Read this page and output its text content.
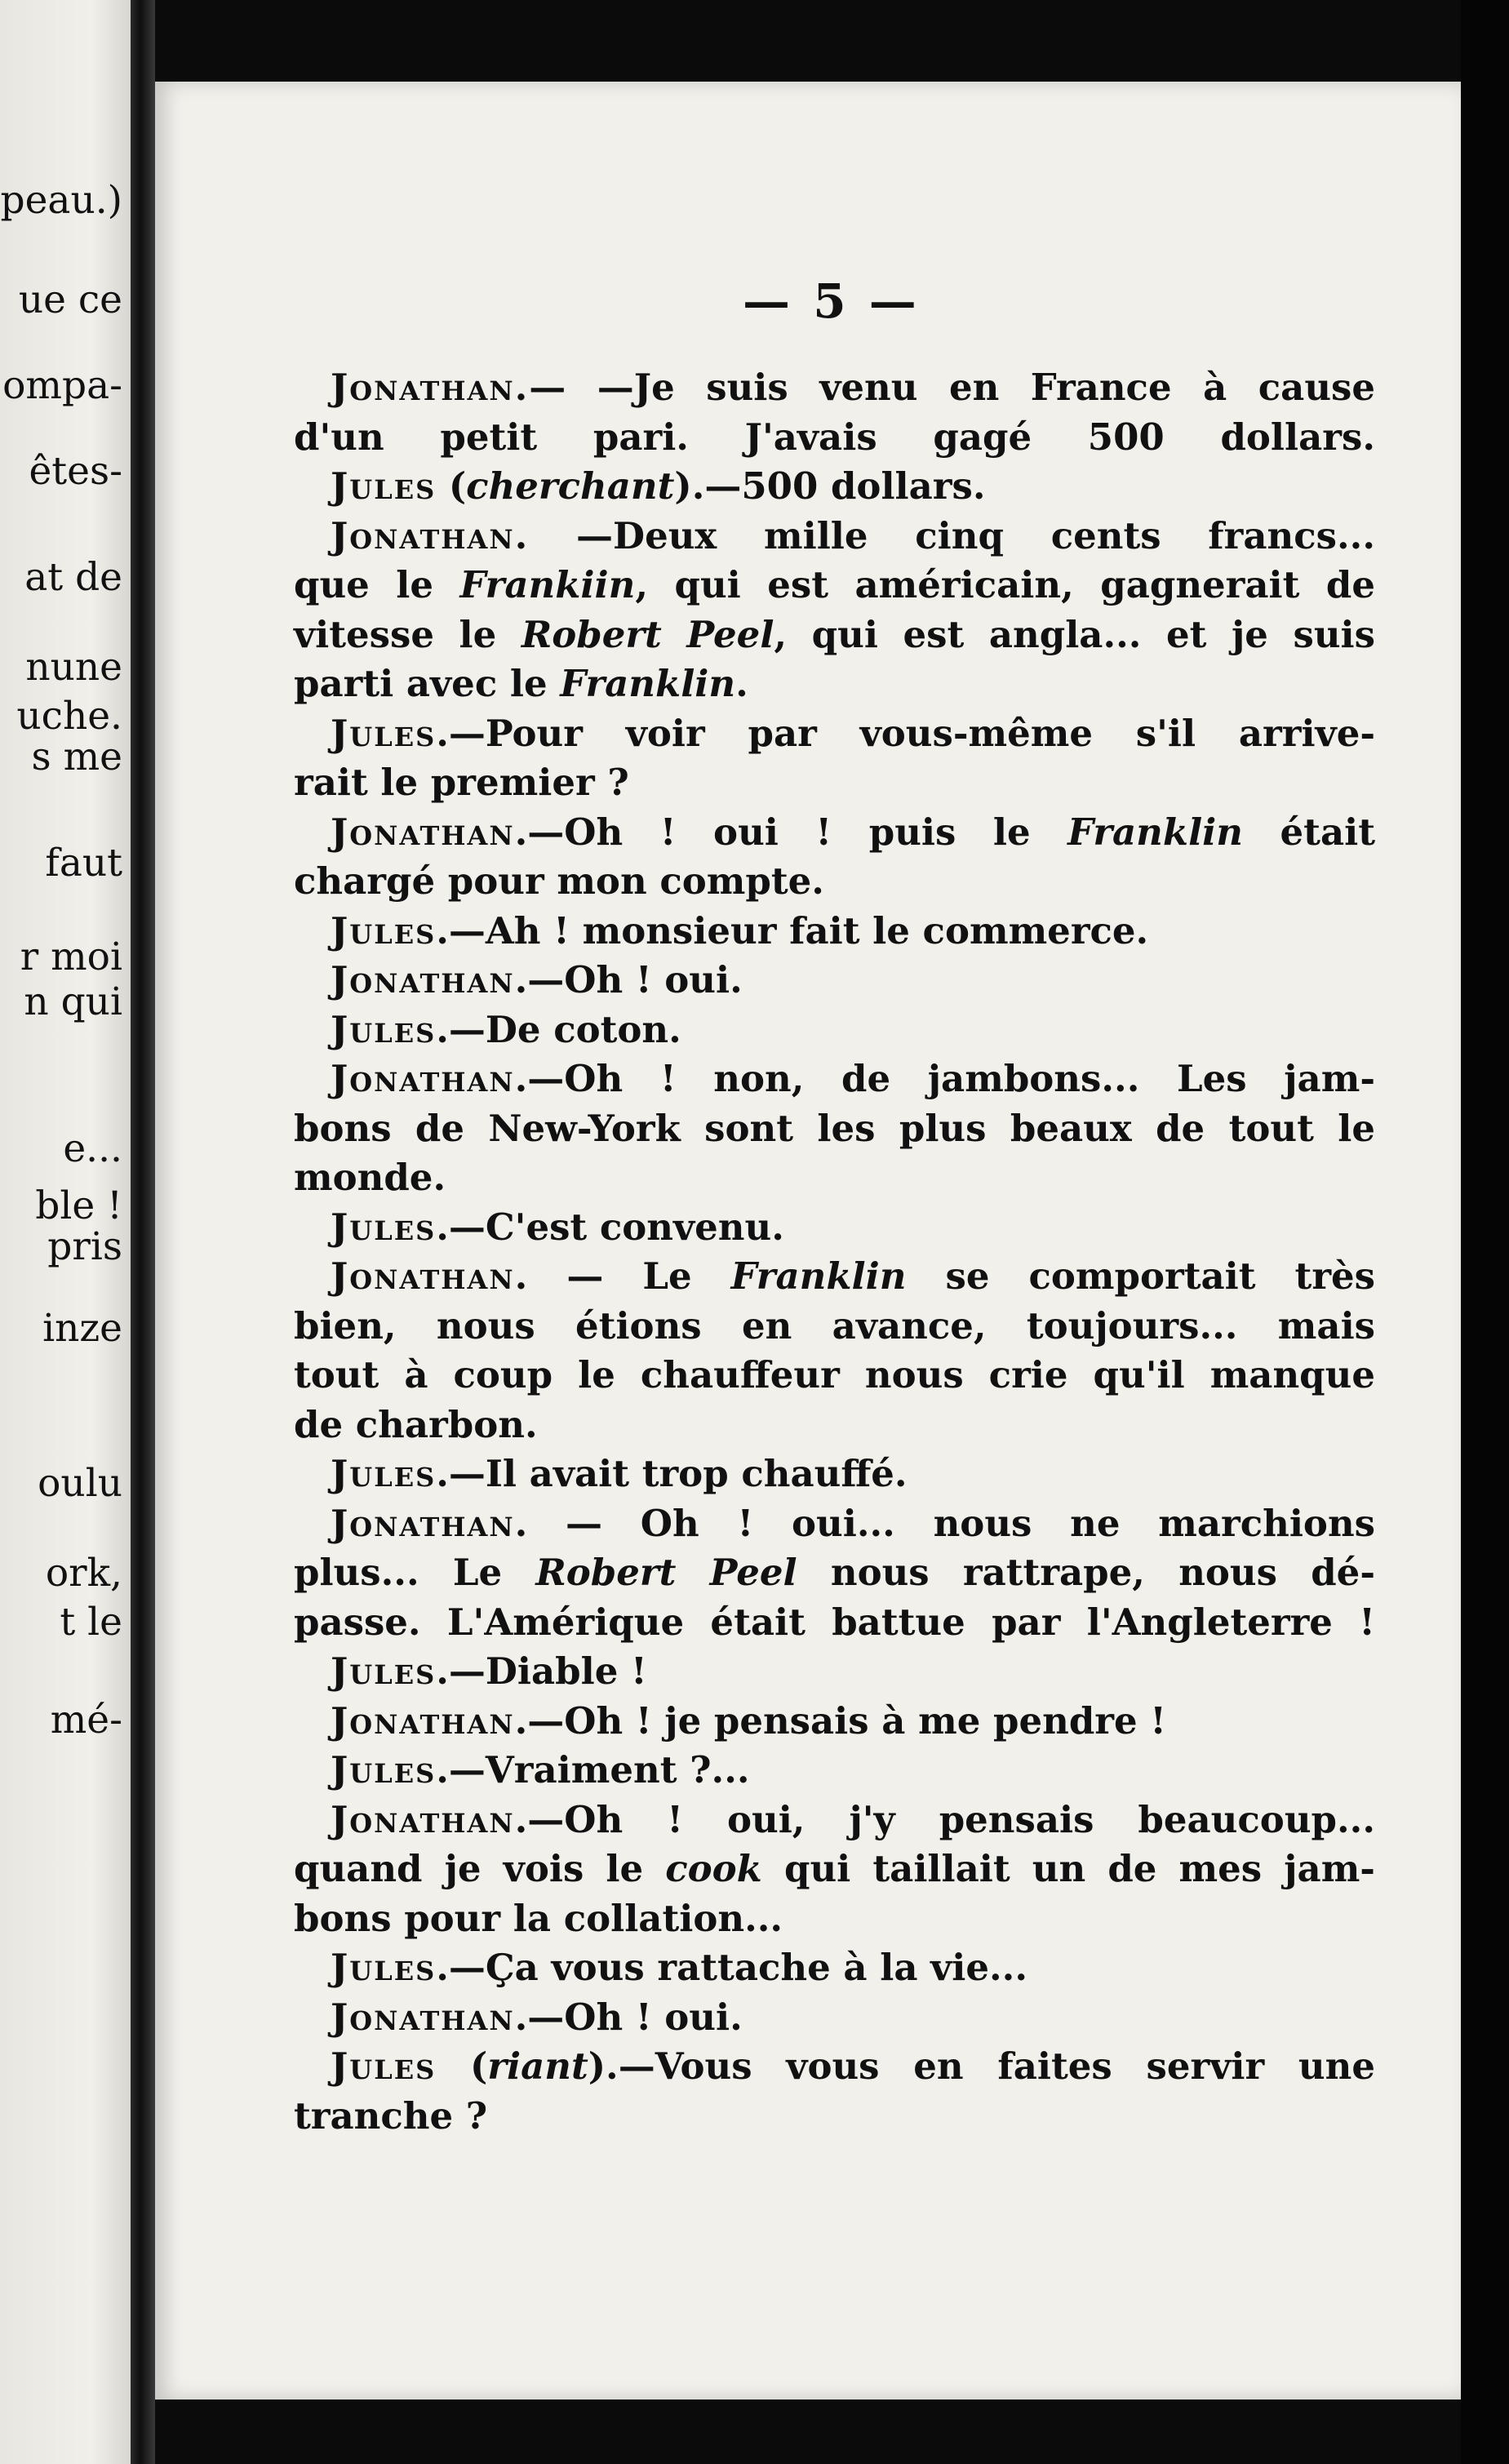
peau.)
ue ce
ompa-
êtes-
at de
nune
uche.
s me
faut
r moi
n qui
e...
ble !
pris
inze
oulu
ork,
t le
mé-
— 5 —
Jonathan.— —Je suis venu en France à cause
d'un petit pari. J'avais gagé 500 dollars.
Jules (cherchant).—500 dollars.
Jonathan. —Deux mille cinq cents francs...
que le Frankiin, qui est américain, gagnerait de
vitesse le Robert Peel, qui est angla... et je suis
parti avec le Franklin.
Jules.—Pour voir par vous-même s'il arrive-
rait le premier ?
Jonathan.—Oh ! oui ! puis le Franklin était
chargé pour mon compte.
Jules.—Ah ! monsieur fait le commerce.
Jonathan.—Oh ! oui.
Jules.—De coton.
Jonathan.—Oh ! non, de jambons... Les jam-
bons de New-York sont les plus beaux de tout le
monde.
Jules.—C'est convenu.
Jonathan. — Le Franklin se comportait très
bien, nous étions en avance, toujours... mais
tout à coup le chauffeur nous crie qu'il manque
de charbon.
Jules.—Il avait trop chauffé.
Jonathan. — Oh ! oui... nous ne marchions
plus... Le Robert Peel nous rattrape, nous dé-
passe. L'Amérique était battue par l'Angleterre !
Jules.—Diable !
Jonathan.—Oh ! je pensais à me pendre !
Jules.—Vraiment ?...
Jonathan.—Oh ! oui, j'y pensais beaucoup...
quand je vois le cook qui taillait un de mes jam-
bons pour la collation...
Jules.—Ça vous rattache à la vie...
Jonathan.—Oh ! oui.
Jules (riant).—Vous vous en faites servir une
tranche ?
